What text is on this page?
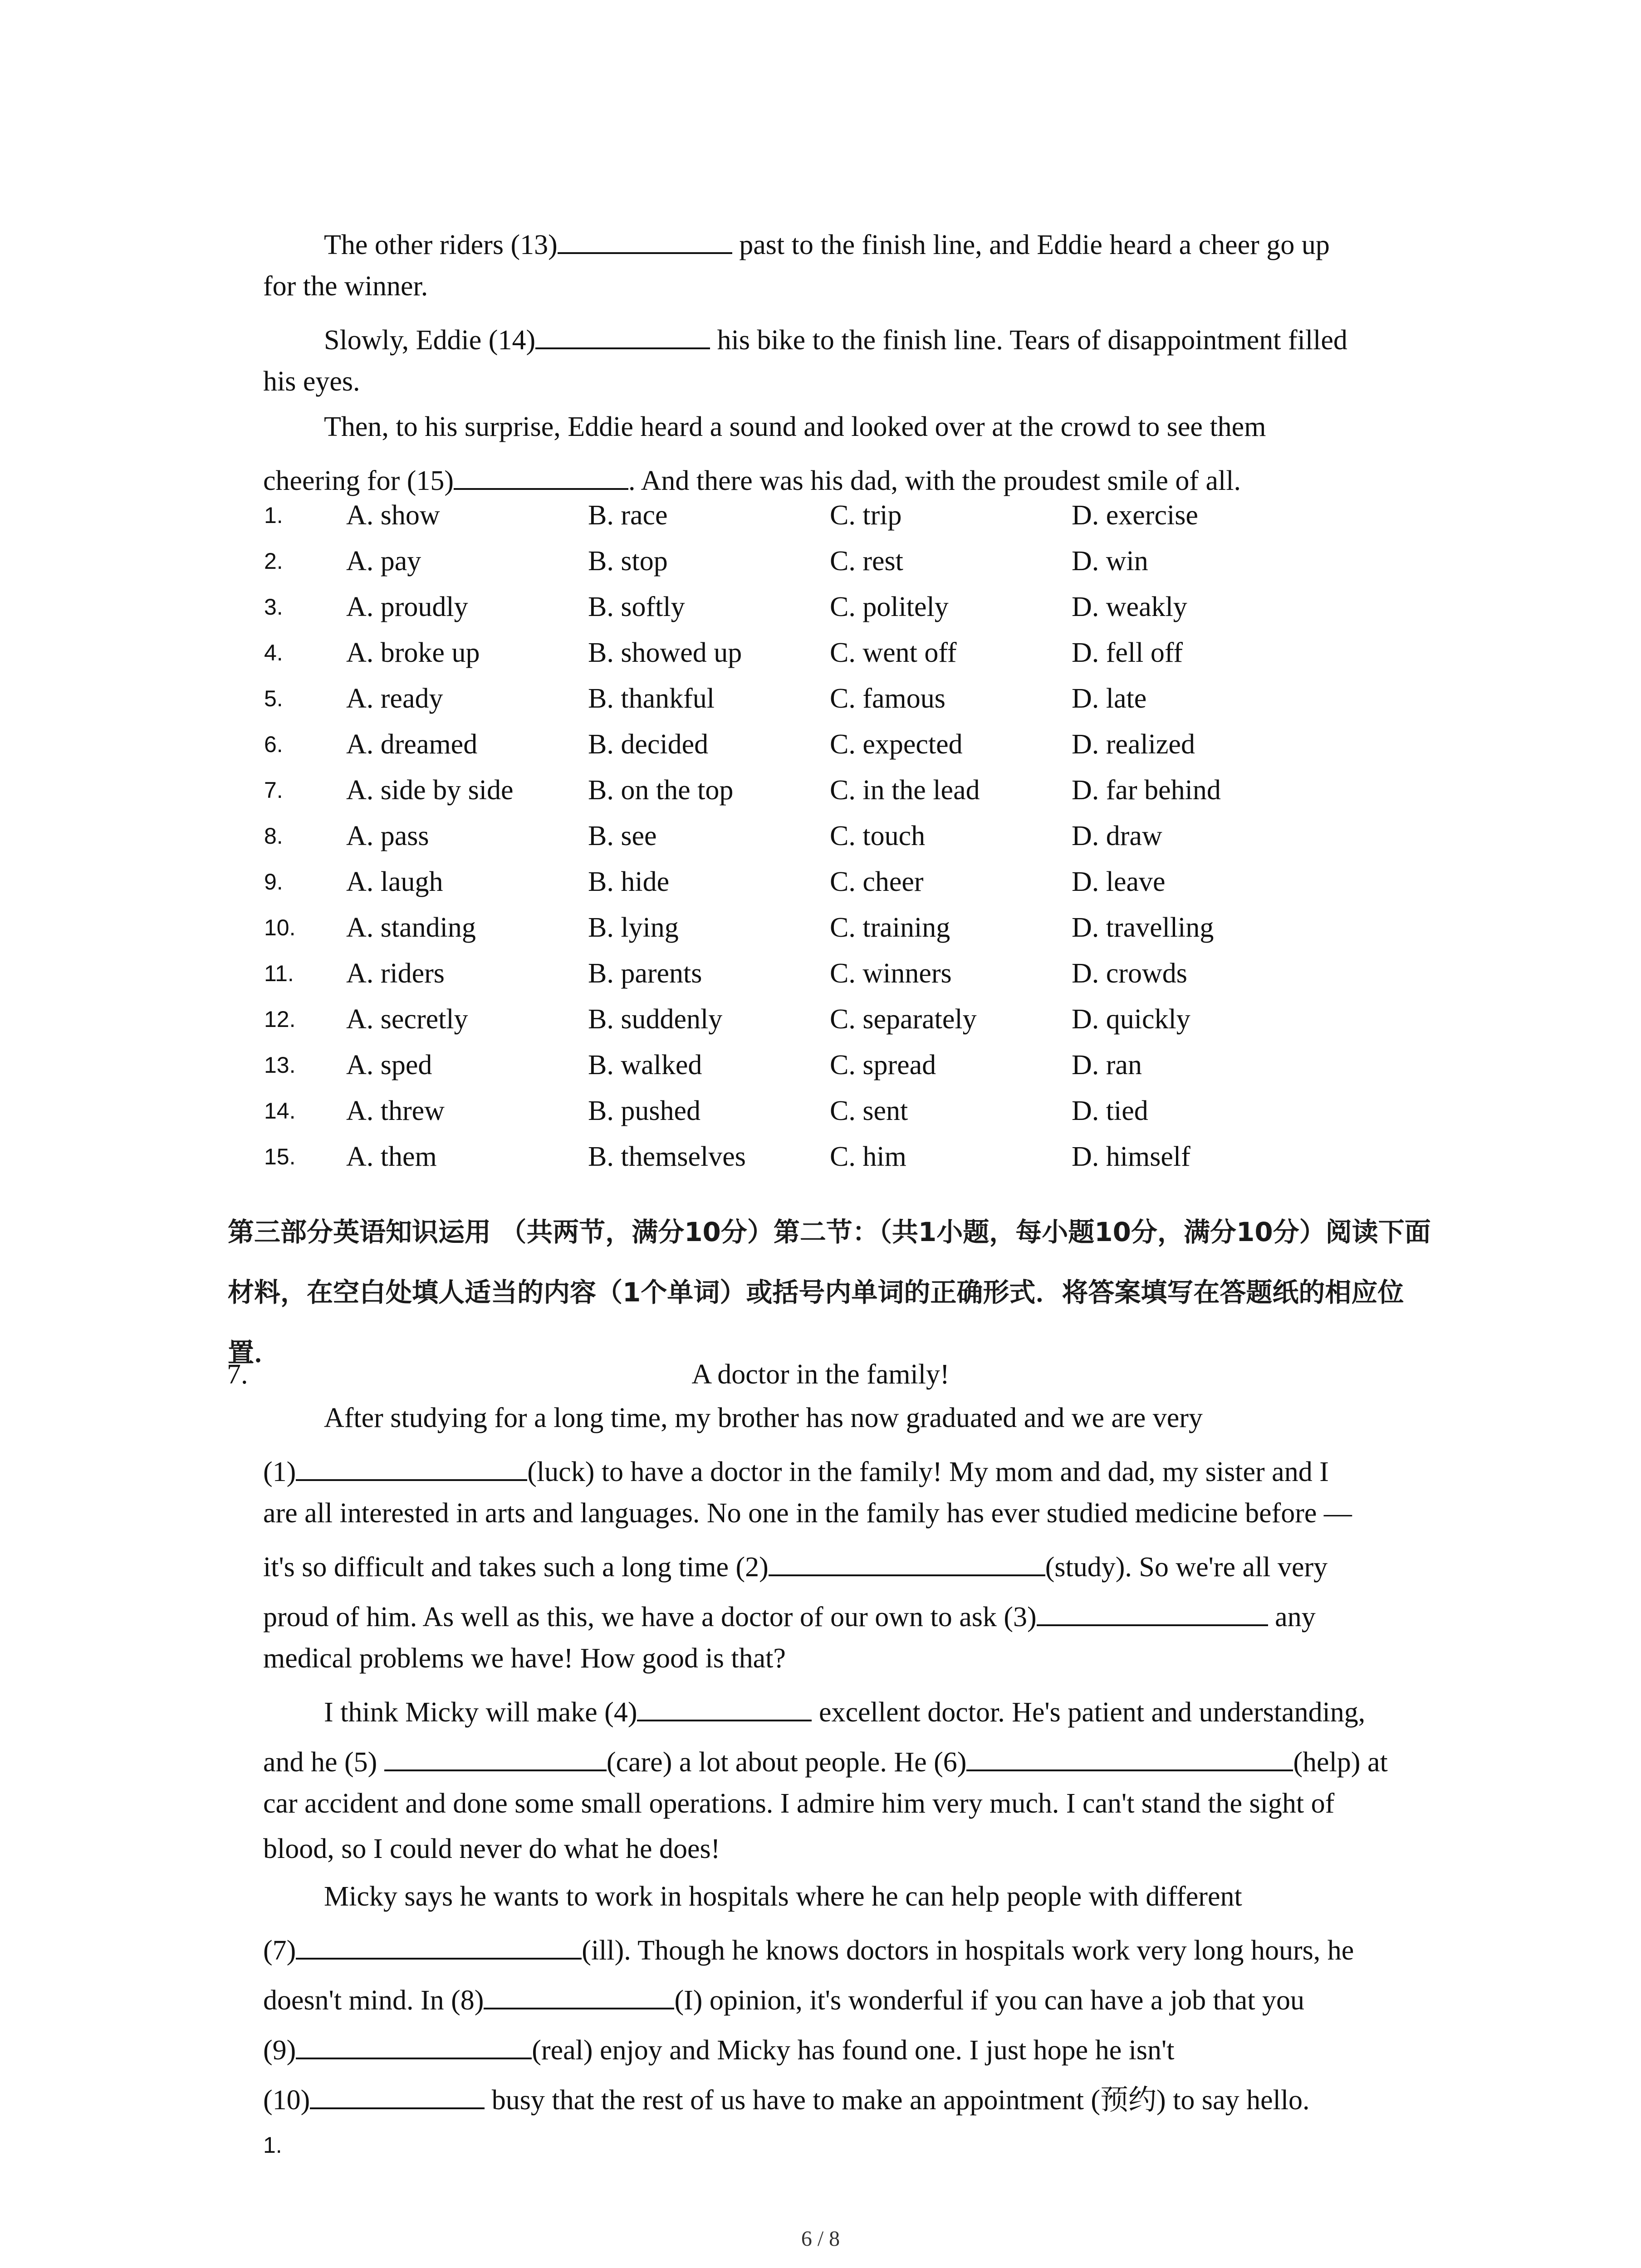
The other riders (13)	past to the finish line, and Eddie heard a cheer go up
for the winner.
Slowly, Eddie (14)	his bike to the finish line. Tears of disappointment filled
his eyes.
Then, to his surprise, Eddie heard a sound and looked over at the crowd to see them
cheering for (15)	. And there was his dad, with the proudest smile of all.
1. A. show	B. race	C. trip	D. exercise
2. A. pay	B. stop	C. rest	D. win
3. A. proudly	B. softly	C. politely	D. weakly
4. A. broke up	B. showed up	C. went off	D. fell off
5. A. ready	B. thankful	C. famous	D. late
6. A. dreamed	B. decided	C. expected	D. realized
7. A. side by side	B. on the top	C. in the lead	D. far behind
8. A. pass	B. see	C. touch	D. draw
9. A. laugh	B. hide	C. cheer	D. leave
10. A. standing	B. lying	C. training	D. travelling
11. A. riders	B. parents	C. winners	D. crowds
12. A. secretly	B. suddenly	C. separately	D. quickly
13. A. sped	B. walked	C. spread	D. ran
14. A. threw	B. pushed	C. sent	D. tied
15. A. them	B. themselves	C. him	D. himself
第三部分英语知识运用 （共两节，满分10分）第二节：（共1小题，每小题10分，满分10分）阅读下面材料，在空白处填人适当的内容（1个单词）或括号内单词的正确形式．将答案填写在答题纸的相应位置．
7.	A doctor in the family!
After studying for a long time, my brother has now graduated and we are very
(1)	(luck) to have a doctor in the family! My mom and dad, my sister and I
are all interested in arts and languages. No one in the family has ever studied medicine before —
it's so difficult and takes such a long time (2)	(study). So we're all very
proud of him. As well as this, we have a doctor of our own to ask (3)	any
medical problems we have! How good is that?
I think Micky will make (4)	excellent doctor. He's patient and understanding,
and he (5)	(care) a lot about people. He (6)	(help) at
car accident and done some small operations. I admire him very much. I can't stand the sight of
blood, so I could never do what he does!
Micky says he wants to work in hospitals where he can help people with different
(7)	(ill). Though he knows doctors in hospitals work very long hours, he
doesn't mind. In (8)	(I) opinion, it's wonderful if you can have a job that you
(9)	(real) enjoy and Micky has found one. I just hope he isn't
(10)	busy that the rest of us have to make an appointment (预约) to say hello.
1.
6 / 8
